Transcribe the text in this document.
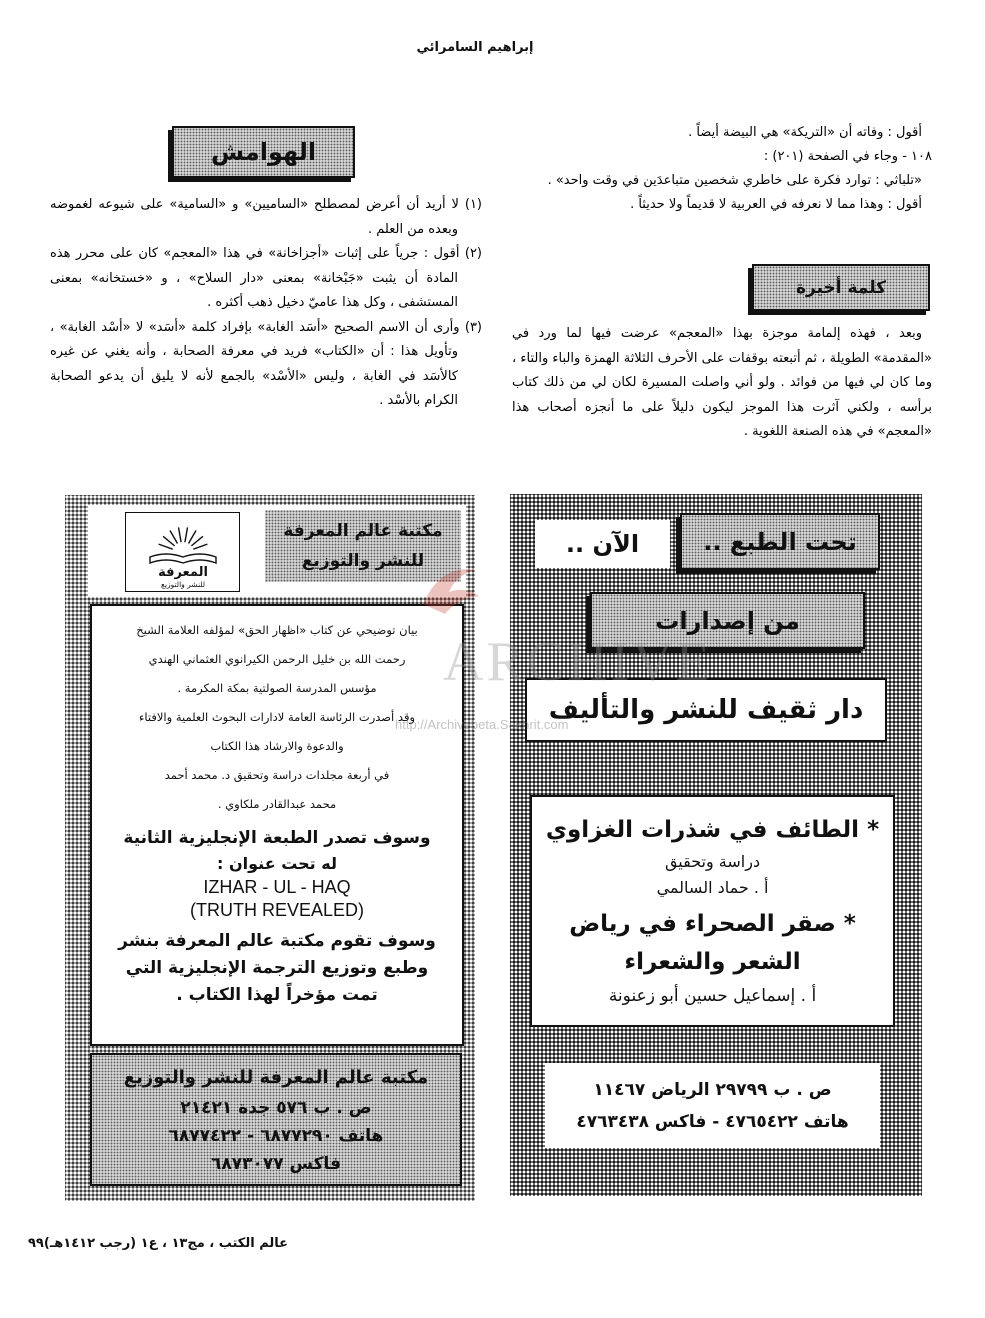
إبراهيم السامرائي

أقول : وفاته أن «التريكة» هي البيضة أيضاً .

١٠٨ - وجاء في الصفحة (٢٠١) :

«تلباثي : توارد فكرة على خاطري شخصين متباعدَين في وقت واحد» .

أقول : وهذا مما لا نعرفه في العربية لا قديماً ولا حديثاً .

كلمة أخيرة

وبعد ، فهذه إلمامة موجزة بهذا «المعجم» عرضت فيها لما ورد في «المقدمة» الطويلة ، ثم أتبعته بوقفات على الأحرف الثلاثة الهمزة والباء والتاء ، وما كان لي فيها من فوائد . ولو أني واصلت المسيرة لكان لي من ذلك كتاب برأسه ، ولكني آثرت هذا الموجز ليكون دليلاً على ما أنجزه أصحاب هذا «المعجم» في هذه الصنعة اللغوية .

الهوامش

(١) لا أريد أن أعرض لمصطلح «الساميين» و «السامية» على شيوعه لغموضه وبعده من العلم .

(٢) أقول : جرياً على إثبات «أجزاخانة» في هذا «المعجم» كان على محرر هذه المادة أن يثبت «جَبْخانة» بمعنى «دار السلاح» ، و «خستخانه» بمعنى المستشفى ، وكل هذا عاميّ دخيل ذهب أكثره .

(٣) وأرى أن الاسم الصحيح «أسَد الغابة» بإفراد كلمة «أسَد» لا «أسْد الغابة» ، وتأويل هذا : أن «الكتاب» فريد في معرفة الصحابة ، وأنه يغني عن غيره كالأسَد في الغابة ، وليس «الأسْد» بالجمع لأنه لا يليق أن يدعو الصحابة الكرام بالأسْد .

المعرفة
للنشر والتوزيع
مكتبة عالم المعرفة
للنشر والتوزيع
بيان توضيحي عن كتاب «اظهار الحق» لمؤلفه العلامة الشيخ
رحمت الله بن خليل الرحمن الكيرانوي العثماني الهندي
مؤسس المدرسة الصولتية بمكة المكرمة .
وقد أصدرت الرئاسة العامة لادارات البحوث العلمية والافتاء
والدعوة والارشاد هذا الكتاب
في أربعة مجلدات دراسة وتحقيق د. محمد أحمد
محمد عبدالقادر ملكاوي .
وسوف تصدر الطبعة الإنجليزية الثانية
له تحت عنوان :
IZHAR - UL - HAQ
(TRUTH REVEALED)
وسوف تقوم مكتبة عالم المعرفة بنشر
وطبع وتوزيع الترجمة الإنجليزية التي
تمت مؤخراً لهذا الكتاب .
مكتبة عالم المعرفة للنشر والتوزيع
ص . ب ٥٧٦ جدة ٢١٤٢١
هاتف ٦٨٧٧٢٩٠ - ٦٨٧٧٤٢٢
فاكس ٦٨٧٣٠٧٧
الآن ..	تحت الطبع ..
من إصدارات
دار ثقيف للنشر والتأليف
* الطائف في شذرات الغزاوي
دراسة وتحقيق
أ . حماد السالمي
* صقر الصحراء في رياض
الشعر والشعراء
أ . إسماعيل حسين أبو زعنونة
ص . ب ٢٩٧٩٩ الرياض ١١٤٦٧
هاتف ٤٧٦٥٤٢٢ - فاكس ٤٧٦٣٤٣٨
ARCHIVE
http://Archivebeta.Sakhrit.com
عالم الكتب ، مج١٣ ، ع١ (رجب ١٤١٢هـ)٩٩
